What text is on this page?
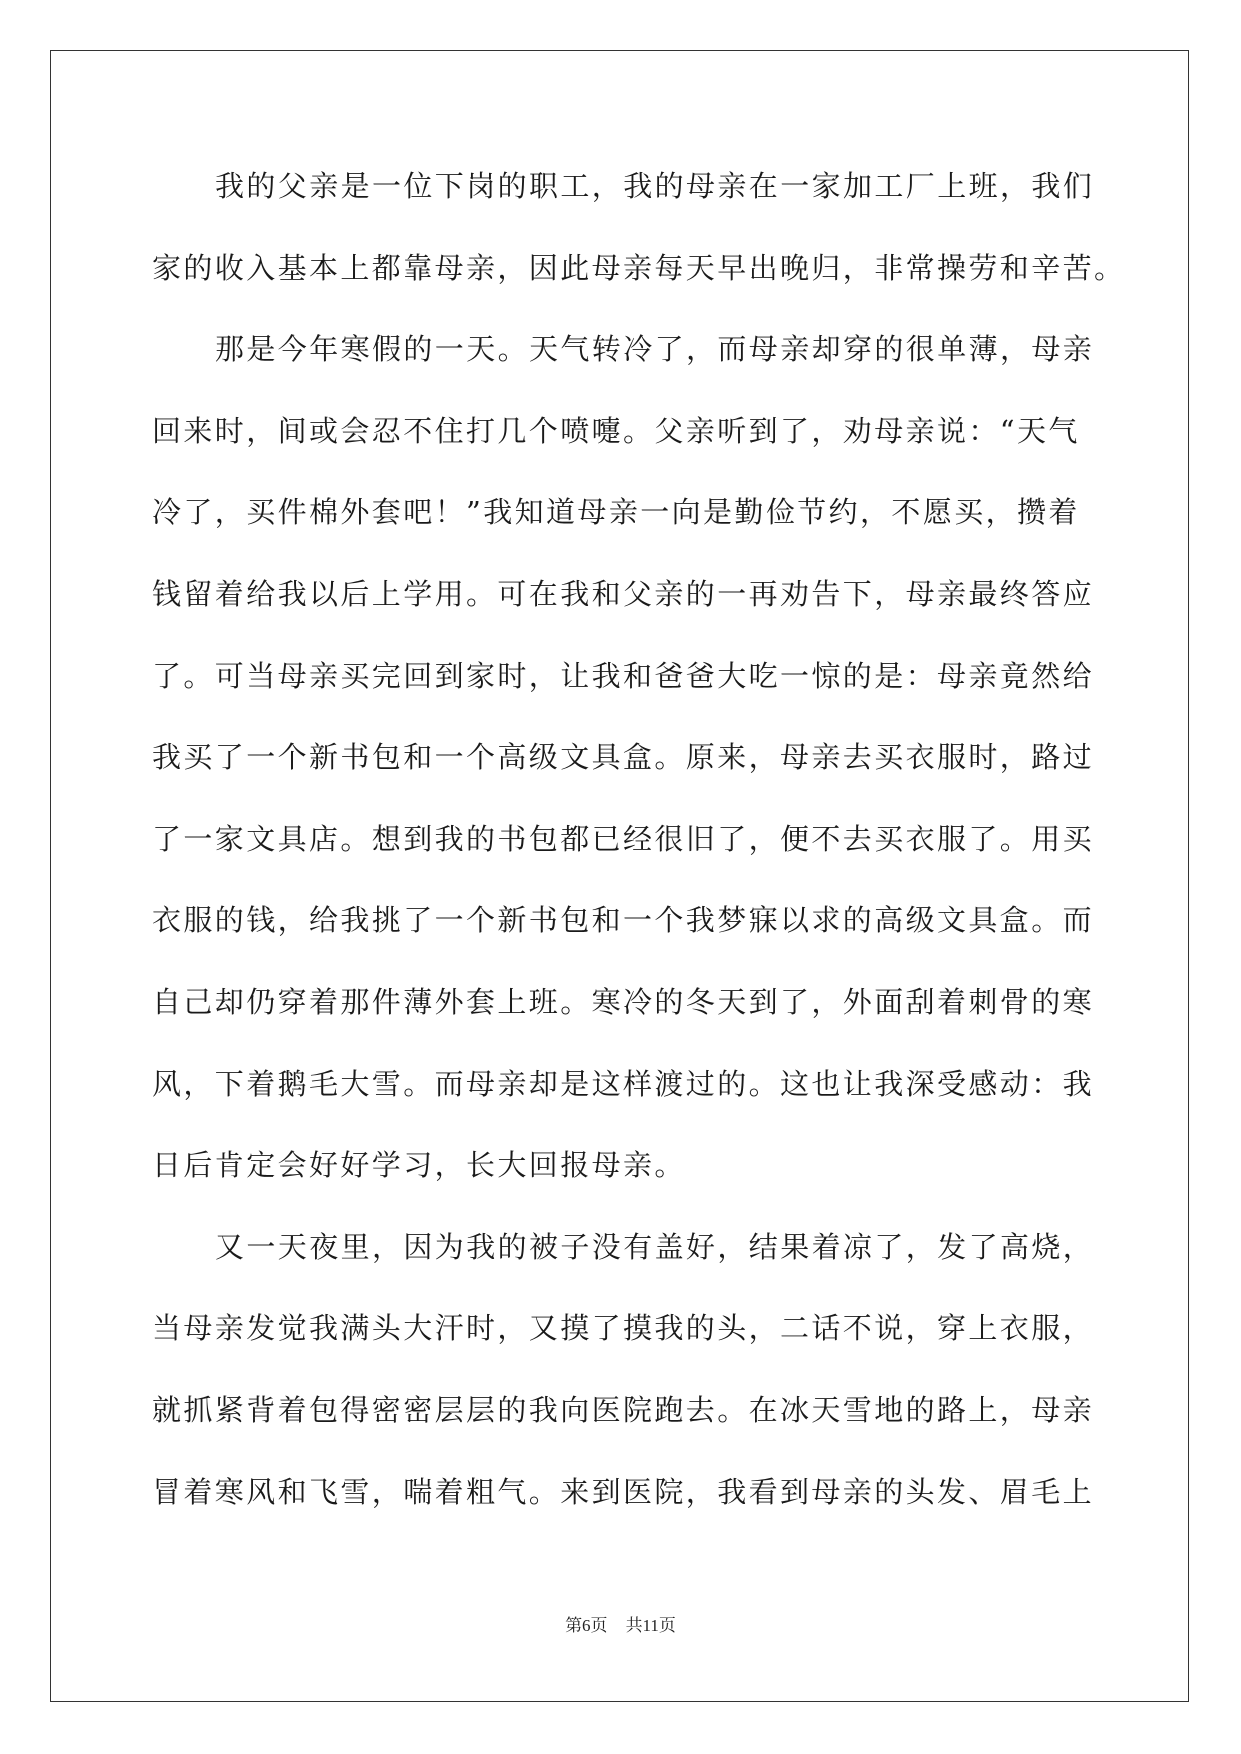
我的父亲是一位下岗的职工，我的母亲在一家加工厂上班，我们
家的收入基本上都靠母亲，因此母亲每天早出晚归，非常操劳和辛苦。
那是今年寒假的一天。天气转冷了，而母亲却穿的很单薄，母亲
回来时，间或会忍不住打几个喷嚏。父亲听到了，劝母亲说：“天气
冷了，买件棉外套吧！”我知道母亲一向是勤俭节约，不愿买，攒着
钱留着给我以后上学用。可在我和父亲的一再劝告下，母亲最终答应
了。可当母亲买完回到家时，让我和爸爸大吃一惊的是：母亲竟然给
我买了一个新书包和一个高级文具盒。原来，母亲去买衣服时，路过
了一家文具店。想到我的书包都已经很旧了，便不去买衣服了。用买
衣服的钱，给我挑了一个新书包和一个我梦寐以求的高级文具盒。而
自己却仍穿着那件薄外套上班。寒冷的冬天到了，外面刮着刺骨的寒
风，下着鹅毛大雪。而母亲却是这样渡过的。这也让我深受感动：我
日后肯定会好好学习，长大回报母亲。
又一天夜里，因为我的被子没有盖好，结果着凉了，发了高烧，
当母亲发觉我满头大汗时，又摸了摸我的头，二话不说，穿上衣服，
就抓紧背着包得密密层层的我向医院跑去。在冰天雪地的路上，母亲
冒着寒风和飞雪，喘着粗气。来到医院，我看到母亲的头发、眉毛上
第6页 共11页
